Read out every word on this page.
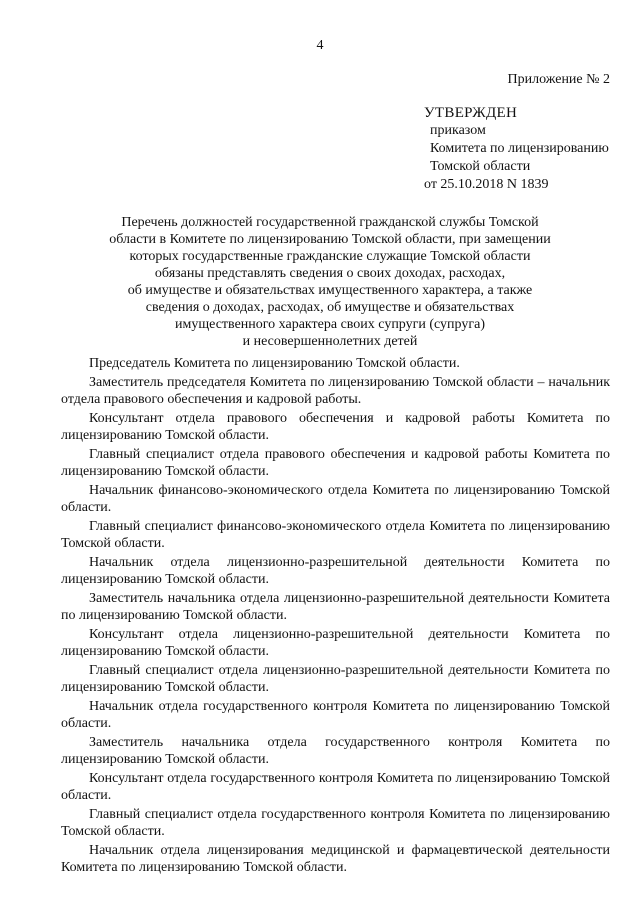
4
Приложение № 2
УТВЕРЖДЕН
приказом
Комитета по лицензированию
Томской области
от 25.10.2018 N 1839
Перечень должностей государственной гражданской службы Томской
области в Комитете по лицензированию Томской области, при замещении
которых государственные гражданские служащие Томской области
обязаны представлять сведения о своих доходах, расходах,
об имуществе и обязательствах имущественного характера, а также
сведения о доходах, расходах, об имуществе и обязательствах
имущественного характера своих супруги (супруга)
и несовершеннолетних детей
Председатель Комитета по лицензированию Томской области.
Заместитель председателя Комитета по лицензированию Томской области – начальник отдела правового обеспечения и кадровой работы.
Консультант отдела правового обеспечения и кадровой работы Комитета по лицензированию Томской области.
Главный специалист отдела правового обеспечения и кадровой работы Комитета по лицензированию Томской области.
Начальник финансово-экономического отдела Комитета по лицензированию Томской области.
Главный специалист финансово-экономического отдела Комитета по лицензированию Томской области.
Начальник отдела лицензионно-разрешительной деятельности Комитета по лицензированию Томской области.
Заместитель начальника отдела лицензионно-разрешительной деятельности Комитета по лицензированию Томской области.
Консультант отдела лицензионно-разрешительной деятельности Комитета по лицензированию Томской области.
Главный специалист отдела лицензионно-разрешительной деятельности Комитета по лицензированию Томской области.
Начальник отдела государственного контроля Комитета по лицензированию Томской области.
Заместитель начальника отдела государственного контроля Комитета по лицензированию Томской области.
Консультант отдела государственного контроля Комитета по лицензированию Томской области.
Главный специалист отдела государственного контроля Комитета по лицензированию Томской области.
Начальник отдела лицензирования медицинской и фармацевтической деятельности Комитета по лицензированию Томской области.
